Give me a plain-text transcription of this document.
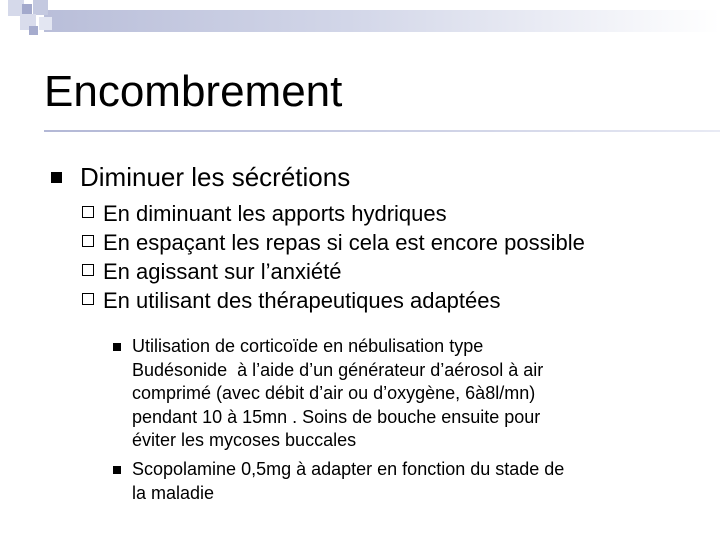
Encombrement
Diminuer les sécrétions
En diminuant les apports hydriques
En espaçant les repas si cela est encore possible
En agissant sur l’anxiété
En utilisant des thérapeutiques adaptées
Utilisation de corticoïde en nébulisation type
Budésonide  à l’aide d’un générateur d’aérosol à air
comprimé (avec débit d’air ou d’oxygène, 6à8l/mn)
pendant 10 à 15mn . Soins de bouche ensuite pour
éviter les mycoses buccales
Scopolamine 0,5mg à adapter en fonction du stade de
la maladie
